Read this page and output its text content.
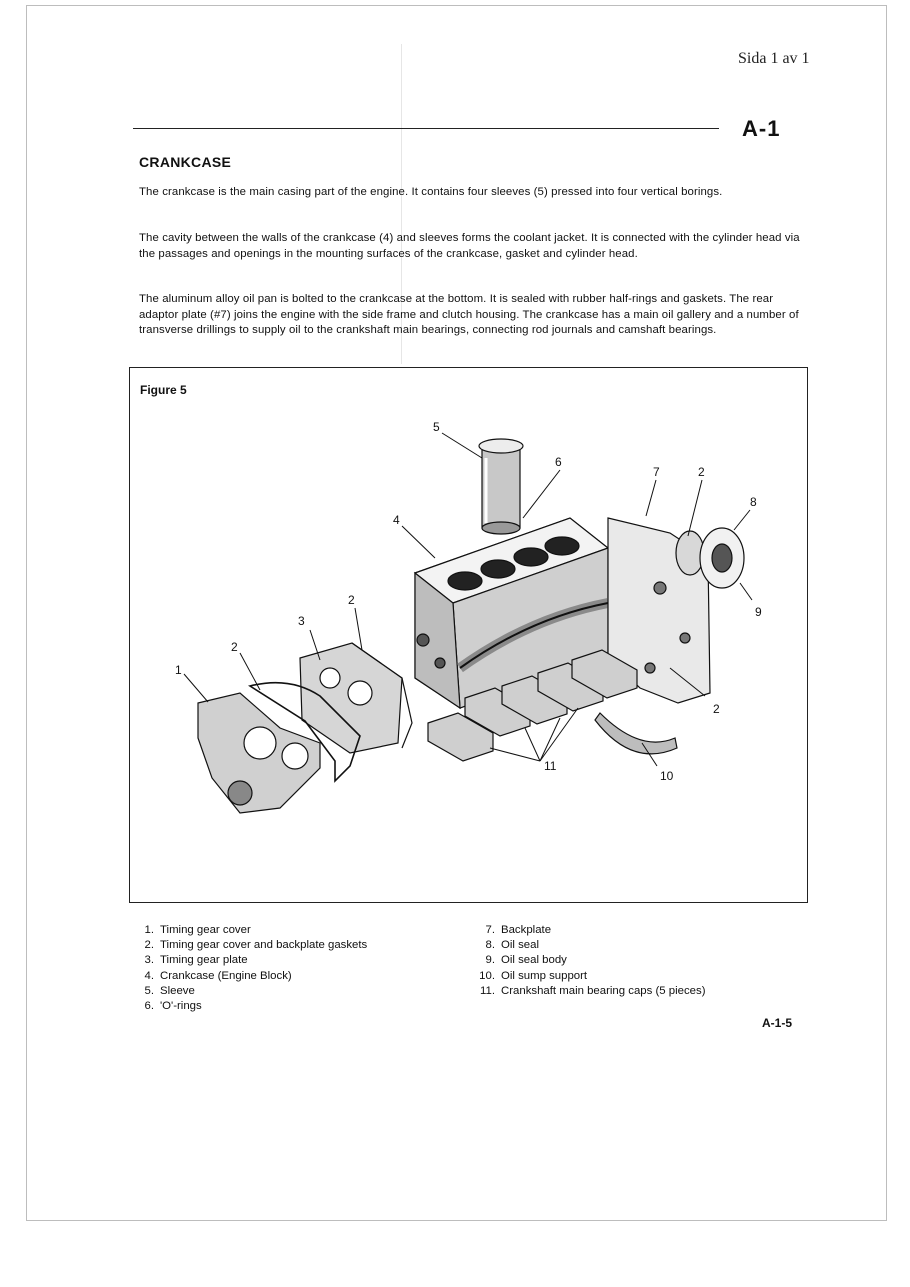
Sida 1 av 1
A-1
CRANKCASE
The crankcase is the main casing part of the engine. It contains four sleeves (5) pressed into four vertical borings.
The cavity between the walls of the crankcase (4) and sleeves forms the coolant jacket. It is connected with the cylinder head via the passages and openings in the mounting surfaces of the crankcase, gasket and cylinder head.
The aluminum alloy oil pan is bolted to the crankcase at the bottom. It is sealed with rubber half-rings and gaskets. The rear adaptor plate (#7) joins the engine with the side frame and clutch housing. The crankcase has a main oil gallery and a number of transverse drillings to supply oil to the crankshaft main bearings, connecting rod journals and camshaft bearings.
Figure 5
5
6
7	2
8
4
9
2
3
2
1
2
11
10
1. Timing gear cover
2. Timing gear cover and backplate gaskets
3. Timing gear plate
4. Crankcase (Engine Block)
5. Sleeve
6. 'O'-rings
7. Backplate
8. Oil seal
9. Oil seal body
10. Oil sump support
11. Crankshaft main bearing caps (5 pieces)
A-1-5
